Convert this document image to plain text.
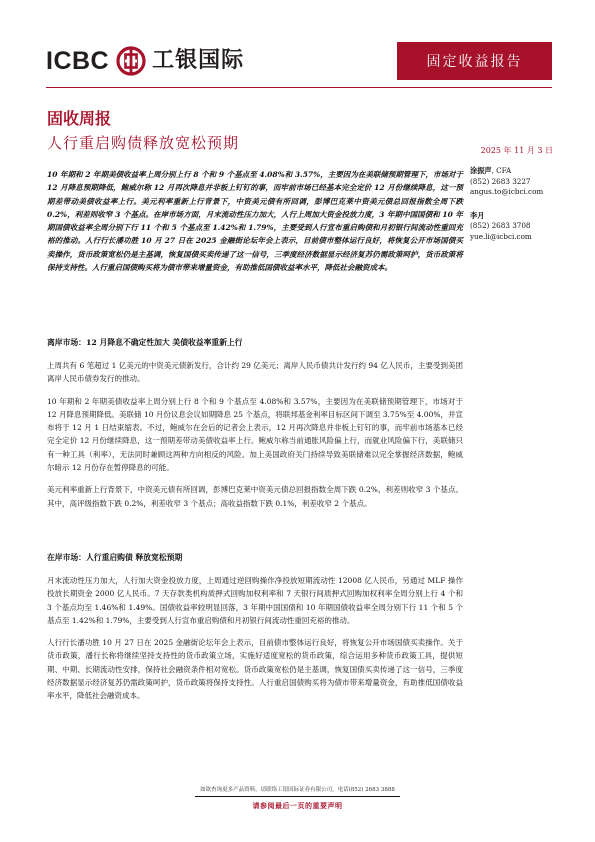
ICBC 工银国际	固定收益报告
固收周报
人行重启购债释放宽松预期	2025 年 11 月 3 日
涂振声, CFA
(852) 2683 3227
angus.to@icbci.com
李月
(852) 2683 3708
yue.li@icbci.com
10 年期和 2 年期美债收益率上周分别上行 8 个和 9 个基点至 4.08%和 3.57%，主要因为在美联储预期管理下，市场对于 12 月降息预期降低，鲍威尔称 12 月再次降息并非板上钉钉的事，而牢前市场已经基本完全定价 12 月份继续降息，这一预期差带动美债收益率上行。美元利率重新上行背景下，中资美元债有所回调，彭博巴克莱中资美元债总回报指数全周下跌 0.2%，利差则收窄 3 个基点。在岸市场方面，月末流动性压力加大，人行上周加大资金投放力度，3 年期中国国债和 10 年期国债收益率全周分别下行 11 个和 5 个基点至 1.42%和 1.79%，主要受到人行宣布重启购债和月初银行间流动性重回充裕的推动。人行行长潘功胜 10 月 27 日在 2025 金融街论坛年会上表示，目前债市整体运行良好，将恢复公开市场国债买卖操作，货币政策宽松仍是主基调，恢复国债买卖传递了这一信号，三季度经济数据显示经济复苏仍需政策呵护，货币政策将保持支持性。人行重启国债购买将为债市带来增量资金，有助推低国债收益率水平，降低社会融资成本。
离岸市场：12 月降息不确定性加大 美债收益率重新上行
上周共有 6 笔超过 1 亿美元的中资美元债新发行，合计约 29 亿美元；离岸人民币债共计发行约 94 亿人民币，主要受到美团离岸人民币债券发行的推动。
10 年期和 2 年期美债收益率上周分别上行 8 个和 9 个基点至 4.08%和 3.57%，主要因为在美联储预期管理下，市场对于 12 月降息预期降低。美联储 10 月份议息会议如期降息 25 个基点，将联邦基金利率目标区间下调至 3.75%至 4.00%，并宣布将于 12 月 1 日结束缩表。不过，鲍威尔在会后的记者会上表示，12 月再次降息并非板上钉钉的事，而牢前市场基本已经完全定价 12 月份继续降息，这一预期差带动美债收益率上行。鲍威尔称当前通胀风险偏上行，而就业风险偏下行，美联储只有一种工具（利率），无法同时兼顾这两种方向相反的风险。加上美国政府关门持续导致美联储难以完全掌握经济数据，鲍威尔暗示 12 月份存在暂停降息的可能。
美元利率重新上行背景下，中资美元债有所回调，彭博巴克莱中资美元债总回报指数全周下跌 0.2%，利差则收窄 3 个基点。其中，高评级指数下跌 0.2%，利差收窄 3 个基点；高收益指数下跌 0.1%，利差收窄 2 个基点。
在岸市场：人行重启购债 释放宽松预期
月末流动性压力加大，人行加大资金投放力度，上周通过逆回购操作净投放短期流动性 12008 亿人民币，另通过 MLF 操作投放长期资金 2000 亿人民币。7 天存款类机构质押式回购加权利率和 7 天银行间质押式回购加权利率全周分别上行 4 个和 3 个基点均至 1.46%和 1.49%。国债收益率较明显回落，3 年期中国国债和 10 年期国债收益率全周分别下行 11 个和 5 个基点至 1.42%和 1.79%，主要受到人行宣布重启购债和月初银行间流动性重回充裕的推动。
人行行长潘功胜 10 月 27 日在 2025 金融街论坛年会上表示，目前债市整体运行良好，将恢复公开市场国债买卖操作。关于货币政策，潘行长称将继续坚持支持性的货币政策立场，实施好适度宽松的货币政策，综合运用多种货币政策工具，提供短期、中期、长期流动性安排，保持社会融资条件相对宽松。货币政策宽松仍是主基调，恢复国债买卖传递了这一信号，三季度经济数据显示经济复苏仍需政策呵护，货币政策将保持支持性。人行重启国债购买将为债市带来增量资金，有助推低国债收益率水平，降低社会融资成本。
如欲查询更多产品资料，请联络工银国际证券有限公司，电话(852) 2683 3888
请参阅最后一页的重要声明
